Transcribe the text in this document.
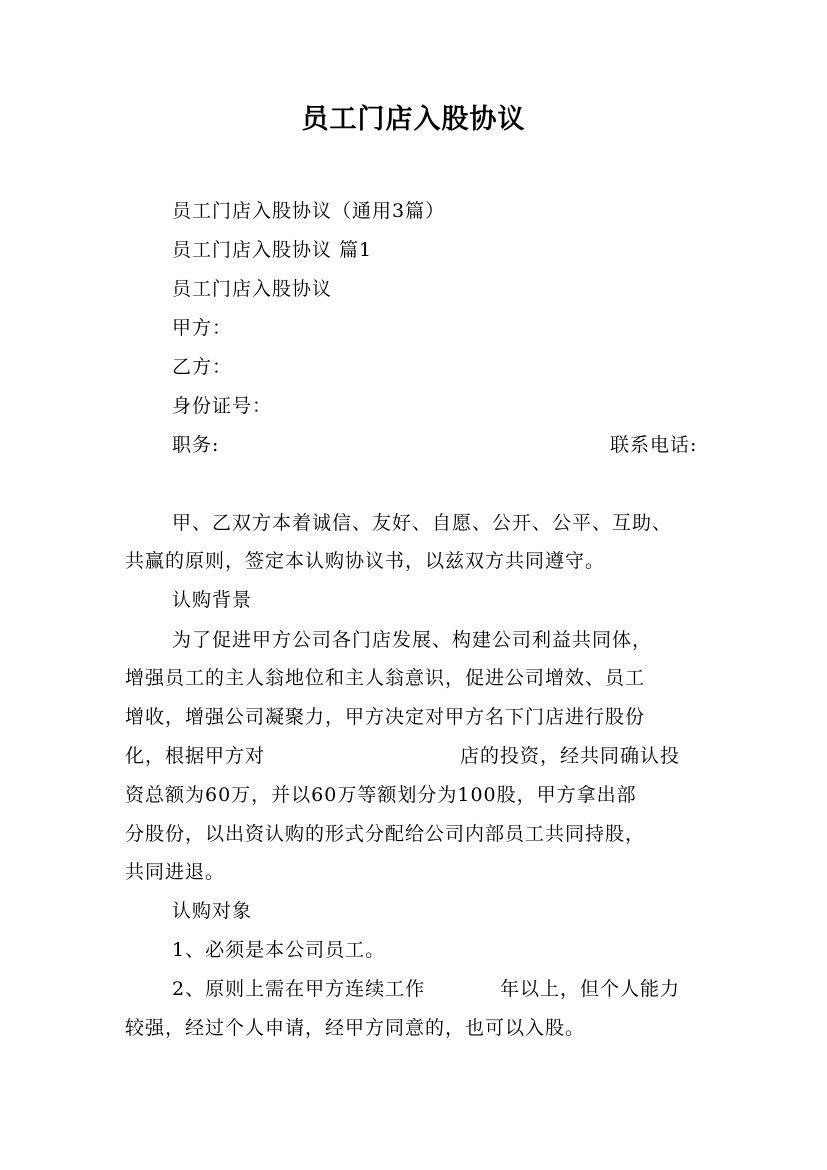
员工门店入股协议
员工门店入股协议（通用3篇）
员工门店入股协议 篇1
员工门店入股协议
甲方：
乙方：
身份证号：
职务:	联系电话:
甲、乙双方本着诚信、友好、自愿、公开、公平、互助、
共赢的原则，签定本认购协议书，以兹双方共同遵守。
认购背景
为了促进甲方公司各门店发展、构建公司利益共同体，
增强员工的主人翁地位和主人翁意识，促进公司增效、员工
增收，增强公司凝聚力，甲方决定对甲方名下门店进行股份
化，根据甲方对	店的投资，经共同确认投
资总额为60万，并以60万等额划分为100股，甲方拿出部
分股份，以出资认购的形式分配给公司内部员工共同持股，
共同进退。
认购对象
1、必须是本公司员工。
2、原则上需在甲方连续工作	年以上，但个人能力
较强，经过个人申请，经甲方同意的，也可以入股。
